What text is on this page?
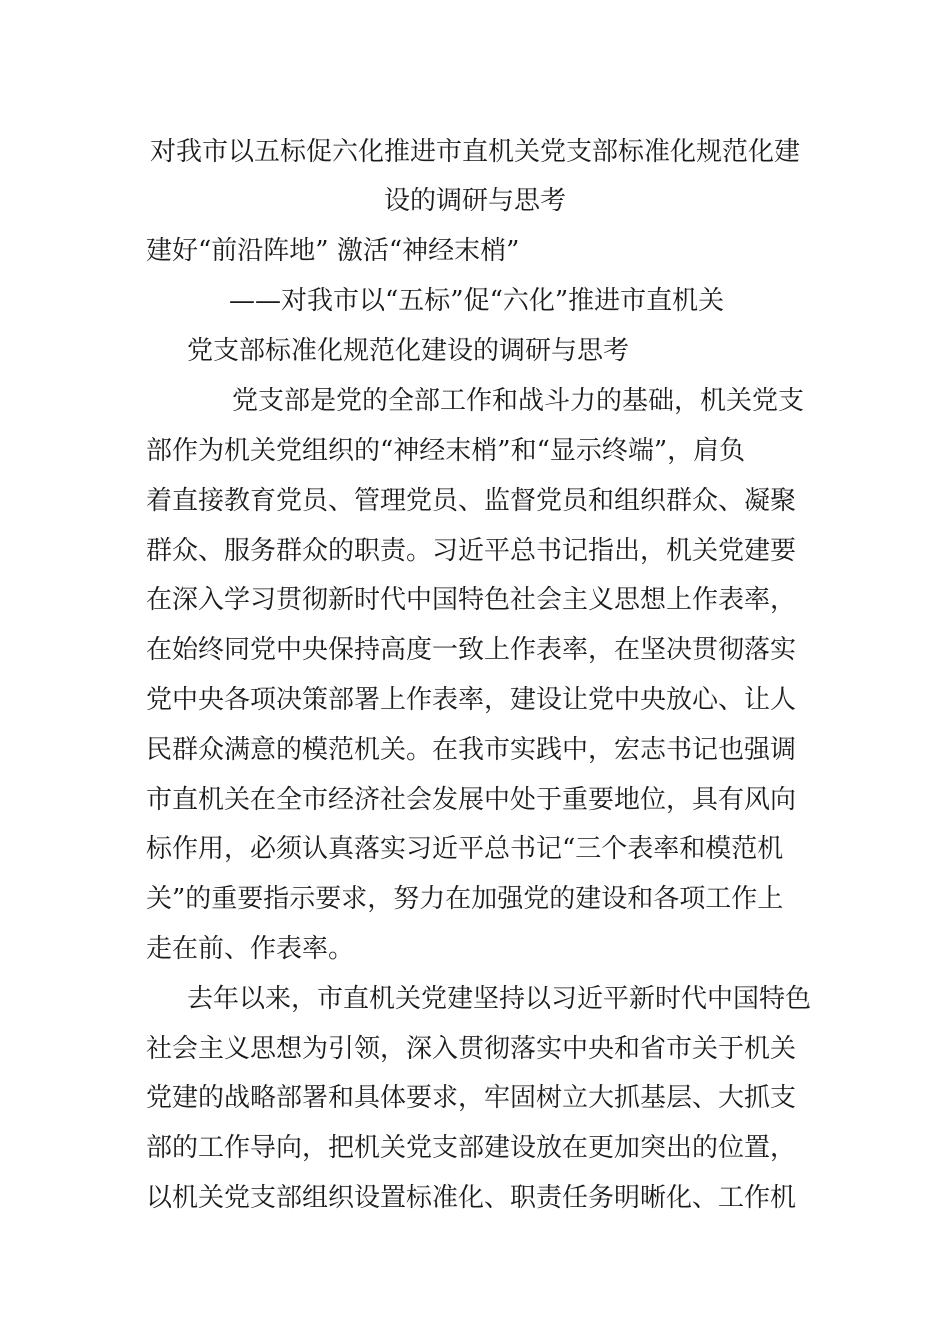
对我市以五标促六化推进市直机关党支部标准化规范化建
设的调研与思考
建好“前沿阵地” 激活“神经末梢”
——对我市以“五标”促“六化”推进市直机关
党支部标准化规范化建设的调研与思考
党支部是党的全部工作和战斗力的基础，机关党支
部作为机关党组织的“神经末梢”和“显示终端”，肩负
着直接教育党员、管理党员、监督党员和组织群众、凝聚
群众、服务群众的职责。习近平总书记指出，机关党建要
在深入学习贯彻新时代中国特色社会主义思想上作表率，
在始终同党中央保持高度一致上作表率，在坚决贯彻落实
党中央各项决策部署上作表率，建设让党中央放心、让人
民群众满意的模范机关。在我市实践中，宏志书记也强调
市直机关在全市经济社会发展中处于重要地位，具有风向
标作用，必须认真落实习近平总书记“三个表率和模范机
关”的重要指示要求，努力在加强党的建设和各项工作上
走在前、作表率。
去年以来，市直机关党建坚持以习近平新时代中国特色
社会主义思想为引领，深入贯彻落实中央和省市关于机关
党建的战略部署和具体要求，牢固树立大抓基层、大抓支
部的工作导向，把机关党支部建设放在更加突出的位置，
以机关党支部组织设置标准化、职责任务明晰化、工作机
